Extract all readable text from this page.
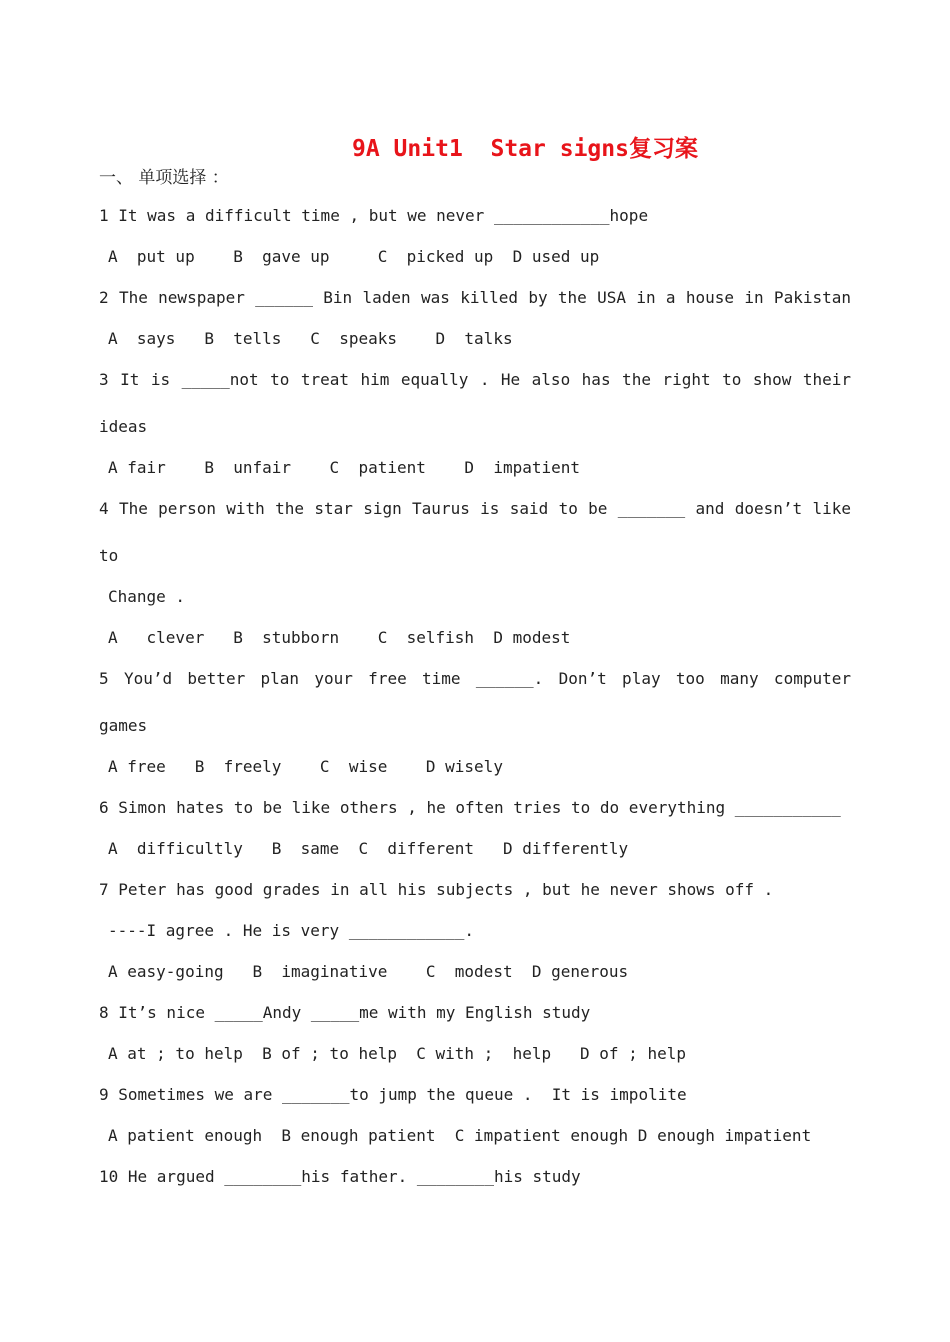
9A Unit1  Star signs复习案
一、 单项选择 ：
1 It was a difficult time , but we never ____________hope
A  put up    B  gave up     C  picked up  D used up
2 The newspaper ______ Bin laden was killed by the USA in a house in Pakistan
A  says   B  tells   C  speaks    D  talks
3 It is _____not to treat him equally . He also has the right to show their
ideas
A fair    B  unfair    C  patient    D  impatient
4 The person with the star sign Taurus is said to be _______ and doesn’t like
to
Change .
A   clever   B  stubborn    C  selfish  D modest
5 You’d better plan your free time ______. Don’t play too many computer
games
A free   B  freely    C  wise    D wisely
6 Simon hates to be like others , he often tries to do everything ___________
A  difficultly   B  same  C  different   D differently
7 Peter has good grades in all his subjects , but he never shows off .
----I agree . He is very ____________.
A easy-going   B  imaginative    C  modest  D generous
8 It’s nice _____Andy _____me with my English study
A at ; to help  B of ; to help  C with ;  help   D of ; help
9 Sometimes we are _______to jump the queue .  It is impolite
A patient enough  B enough patient  C impatient enough D enough impatient
10 He argued ________his father. ________his study
